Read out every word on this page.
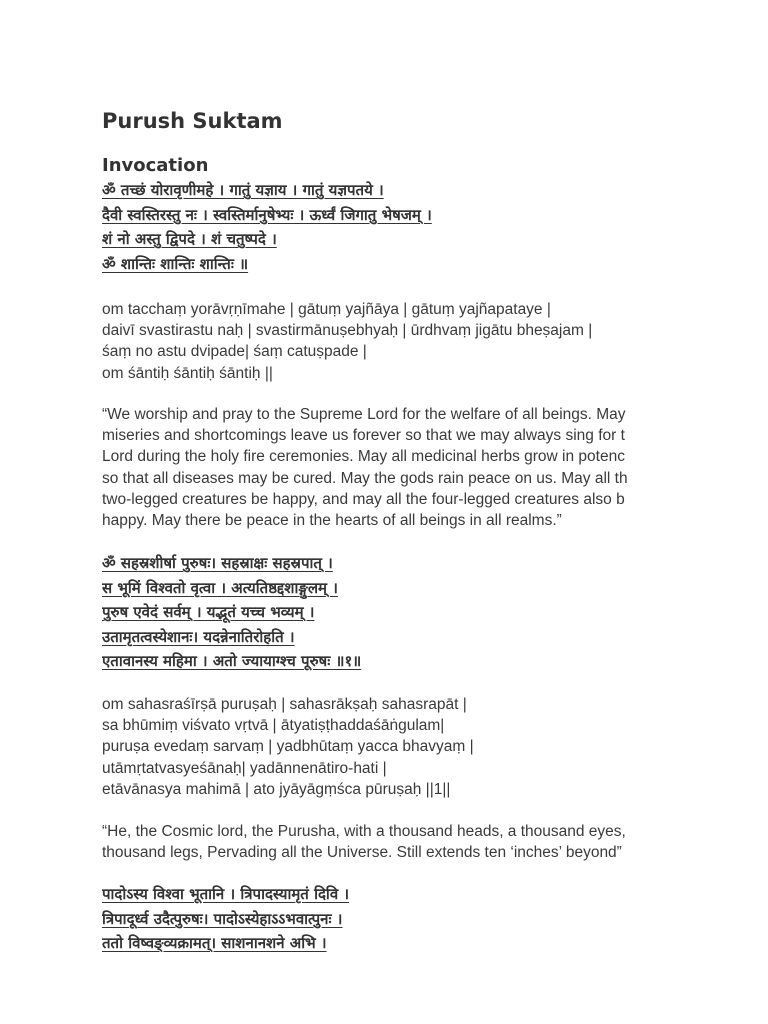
Purush Suktam
Invocation
ॐ तच्छं योरावृणीमहे । गातुं यज्ञाय । गातुं यज्ञपतये ।
दैवी स्वस्तिरस्तु नः । स्वस्तिर्मानुषेभ्यः । ऊर्ध्वं जिगातु भेषजम् ।
शं नो अस्तु द्विपदे । शं चतुष्पदे ।
ॐ शान्तिः शान्तिः शान्तिः ॥
om tacchaṃ yorāvṛṇīmahe | gātuṃ yajñāya | gātuṃ yajñapataye |
daivī svastirastu naḥ | svastirmānuṣebhyaḥ | ūrdhvaṃ jigātu bheṣajam |
śaṃ no astu dvipade| śaṃ catuṣpade |
om śāntiḥ śāntiḥ śāntiḥ ||
“We worship and pray to the Supreme Lord for the welfare of all beings. May
miseries and shortcomings leave us forever so that we may always sing for t
Lord during the holy fire ceremonies. May all medicinal herbs grow in potenc
so that all diseases may be cured. May the gods rain peace on us. May all th
two-legged creatures be happy, and may all the four-legged creatures also b
happy. May there be peace in the hearts of all beings in all realms.”
ॐ सहस्रशीर्षा पुरुषः। सहस्राक्षः सहस्रपात् ।
स भूमिं विश्वतो वृत्वा । अत्यतिष्ठद्दशाङ्गुलम् ।
पुरुष एवेदं सर्वम् । यद्भूतं यच्च भव्यम् ।
उतामृतत्वस्येशानः। यदन्नेनातिरोहति ।
एतावानस्य महिमा । अतो ज्यायाग्श्च पूरुषः ॥१॥
om sahasraśīrṣā puruṣaḥ | sahasrākṣaḥ sahasrapāt |
sa bhūmiṃ viśvato vṛtvā | ātyatiṣṭhaddaśāṅgulam|
puruṣa evedaṃ sarvaṃ | yadbhūtaṃ yacca bhavyaṃ |
utāmṛtatvasyeśānaḥ| yadānnenātiro-hati |
etāvānasya mahimā | ato jyāyāgṃśca pūruṣaḥ ||1||
“He, the Cosmic lord, the Purusha, with a thousand heads, a thousand eyes,
thousand legs, Pervading all the Universe. Still extends ten ‘inches’ beyond”
पादोऽस्य विश्वा भूतानि । त्रिपादस्यामृतं दिवि ।
त्रिपादूर्ध्व उदैत्पुरुषः। पादोऽस्येहाऽऽभवात्पुनः ।
ततो विष्वङ्व्यक्रामत्। साशनानशने अभि ।
